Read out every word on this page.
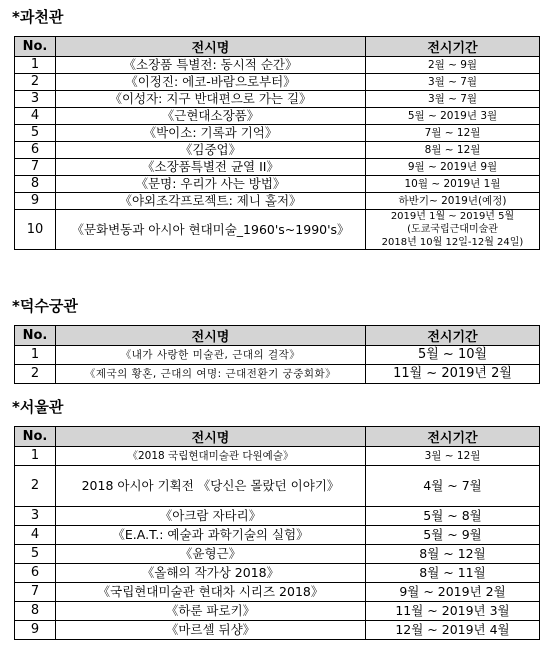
*과천관
No.	전시명	전시기간
1	《소장품 특별전: 동시적 순간》	2월 ~ 9월
2	《이정진: 에코-바람으로부터》	3월 ~ 7월
3	《이성자: 지구 반대편으로 가는 길》	3월 ~ 7월
4	《근현대소장품》	5월 ~ 2019년 3월
5	《박이소: 기록과 기억》	7월 ~ 12월
6	《김중업》	8월 ~ 12월
7	《소장품특별전 균열 II》	9월 ~ 2019년 9월
8	《문명: 우리가 사는 방법》	10월 ~ 2019년 1월
9	《야외조각프로젝트: 제니 홀저》	하반기~ 2019년(예정)
10	《문화변동과 아시아 현대미술_1960's~1990's》	2019년 1월 ~ 2019년 5월
(도쿄국립근대미술관
2018년 10월 12일-12월 24일)
*덕수궁관
No.	전시명	전시기간
1	《내가 사랑한 미술관, 근대의 걸작》	5월 ~ 10월
2	《제국의 황혼, 근대의 여명: 근대전환기 궁중회화》	11월 ~ 2019년 2월
*서울관
No.	전시명	전시기간
1	《2018 국립현대미술관 다원예술》	3월 ~ 12월
2	2018 아시아 기획전 《당신은 몰랐던 이야기》	4월 ~ 7월
3	《아크람 자타리》	5월 ~ 8월
4	《E.A.T.: 예술과 과학기술의 실험》	5월 ~ 9월
5	《윤형근》	8월 ~ 12월
6	《올해의 작가상 2018》	8월 ~ 11월
7	《국립현대미술관 현대차 시리즈 2018》	9월 ~ 2019년 2월
8	《하룬 파로키》	11월 ~ 2019년 3월
9	《마르셀 뒤샹》	12월 ~ 2019년 4월
